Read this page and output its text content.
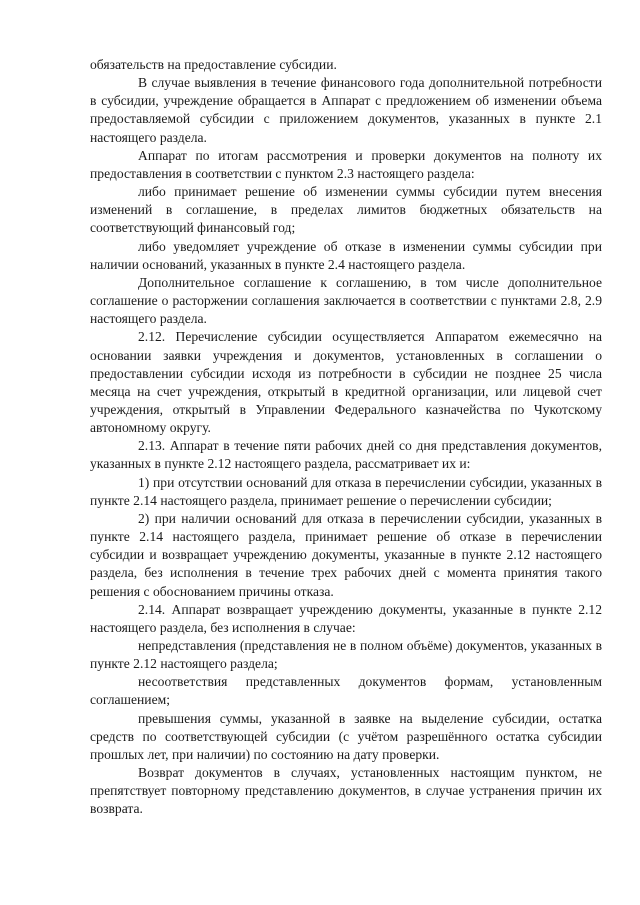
обязательств на предоставление субсидии.

В случае выявления в течение финансового года дополнительной потребности в субсидии, учреждение обращается в Аппарат с предложением об изменении объема предоставляемой субсидии с приложением документов, указанных в пункте 2.1 настоящего раздела.

Аппарат по итогам рассмотрения и проверки документов на полноту их предоставления в соответствии с пунктом 2.3 настоящего раздела:

либо принимает решение об изменении суммы субсидии путем внесения изменений в соглашение, в пределах лимитов бюджетных обязательств на соответствующий финансовый год;

либо уведомляет учреждение об отказе в изменении суммы субсидии при наличии оснований, указанных в пункте 2.4 настоящего раздела.

Дополнительное соглашение к соглашению, в том числе дополнительное соглашение о расторжении соглашения заключается в соответствии с пунктами 2.8, 2.9 настоящего раздела.

2.12. Перечисление субсидии осуществляется Аппаратом ежемесячно на основании заявки учреждения и документов, установленных в соглашении о предоставлении субсидии исходя из потребности в субсидии не позднее 25 числа месяца на счет учреждения, открытый в кредитной организации, или лицевой счет учреждения, открытый в Управлении Федерального казначейства по Чукотскому автономному округу.

2.13. Аппарат в течение пяти рабочих дней со дня представления документов, указанных в пункте 2.12 настоящего раздела, рассматривает их и:

1) при отсутствии оснований для отказа в перечислении субсидии, указанных в пункте 2.14 настоящего раздела, принимает решение о перечислении субсидии;

2) при наличии оснований для отказа в перечислении субсидии, указанных в пункте 2.14 настоящего раздела, принимает решение об отказе в перечислении субсидии и возвращает учреждению документы, указанные в пункте 2.12 настоящего раздела, без исполнения в течение трех рабочих дней с момента принятия такого решения с обоснованием причины отказа.

2.14. Аппарат возвращает учреждению документы, указанные в пункте 2.12 настоящего раздела, без исполнения в случае:

непредставления (представления не в полном объёме) документов, указанных в пункте 2.12 настоящего раздела;

несоответствия представленных документов формам, установленным соглашением;

превышения суммы, указанной в заявке на выделение субсидии, остатка средств по соответствующей субсидии (с учётом разрешённого остатка субсидии прошлых лет, при наличии) по состоянию на дату проверки.

Возврат документов в случаях, установленных настоящим пунктом, не препятствует повторному представлению документов, в случае устранения причин их возврата.
